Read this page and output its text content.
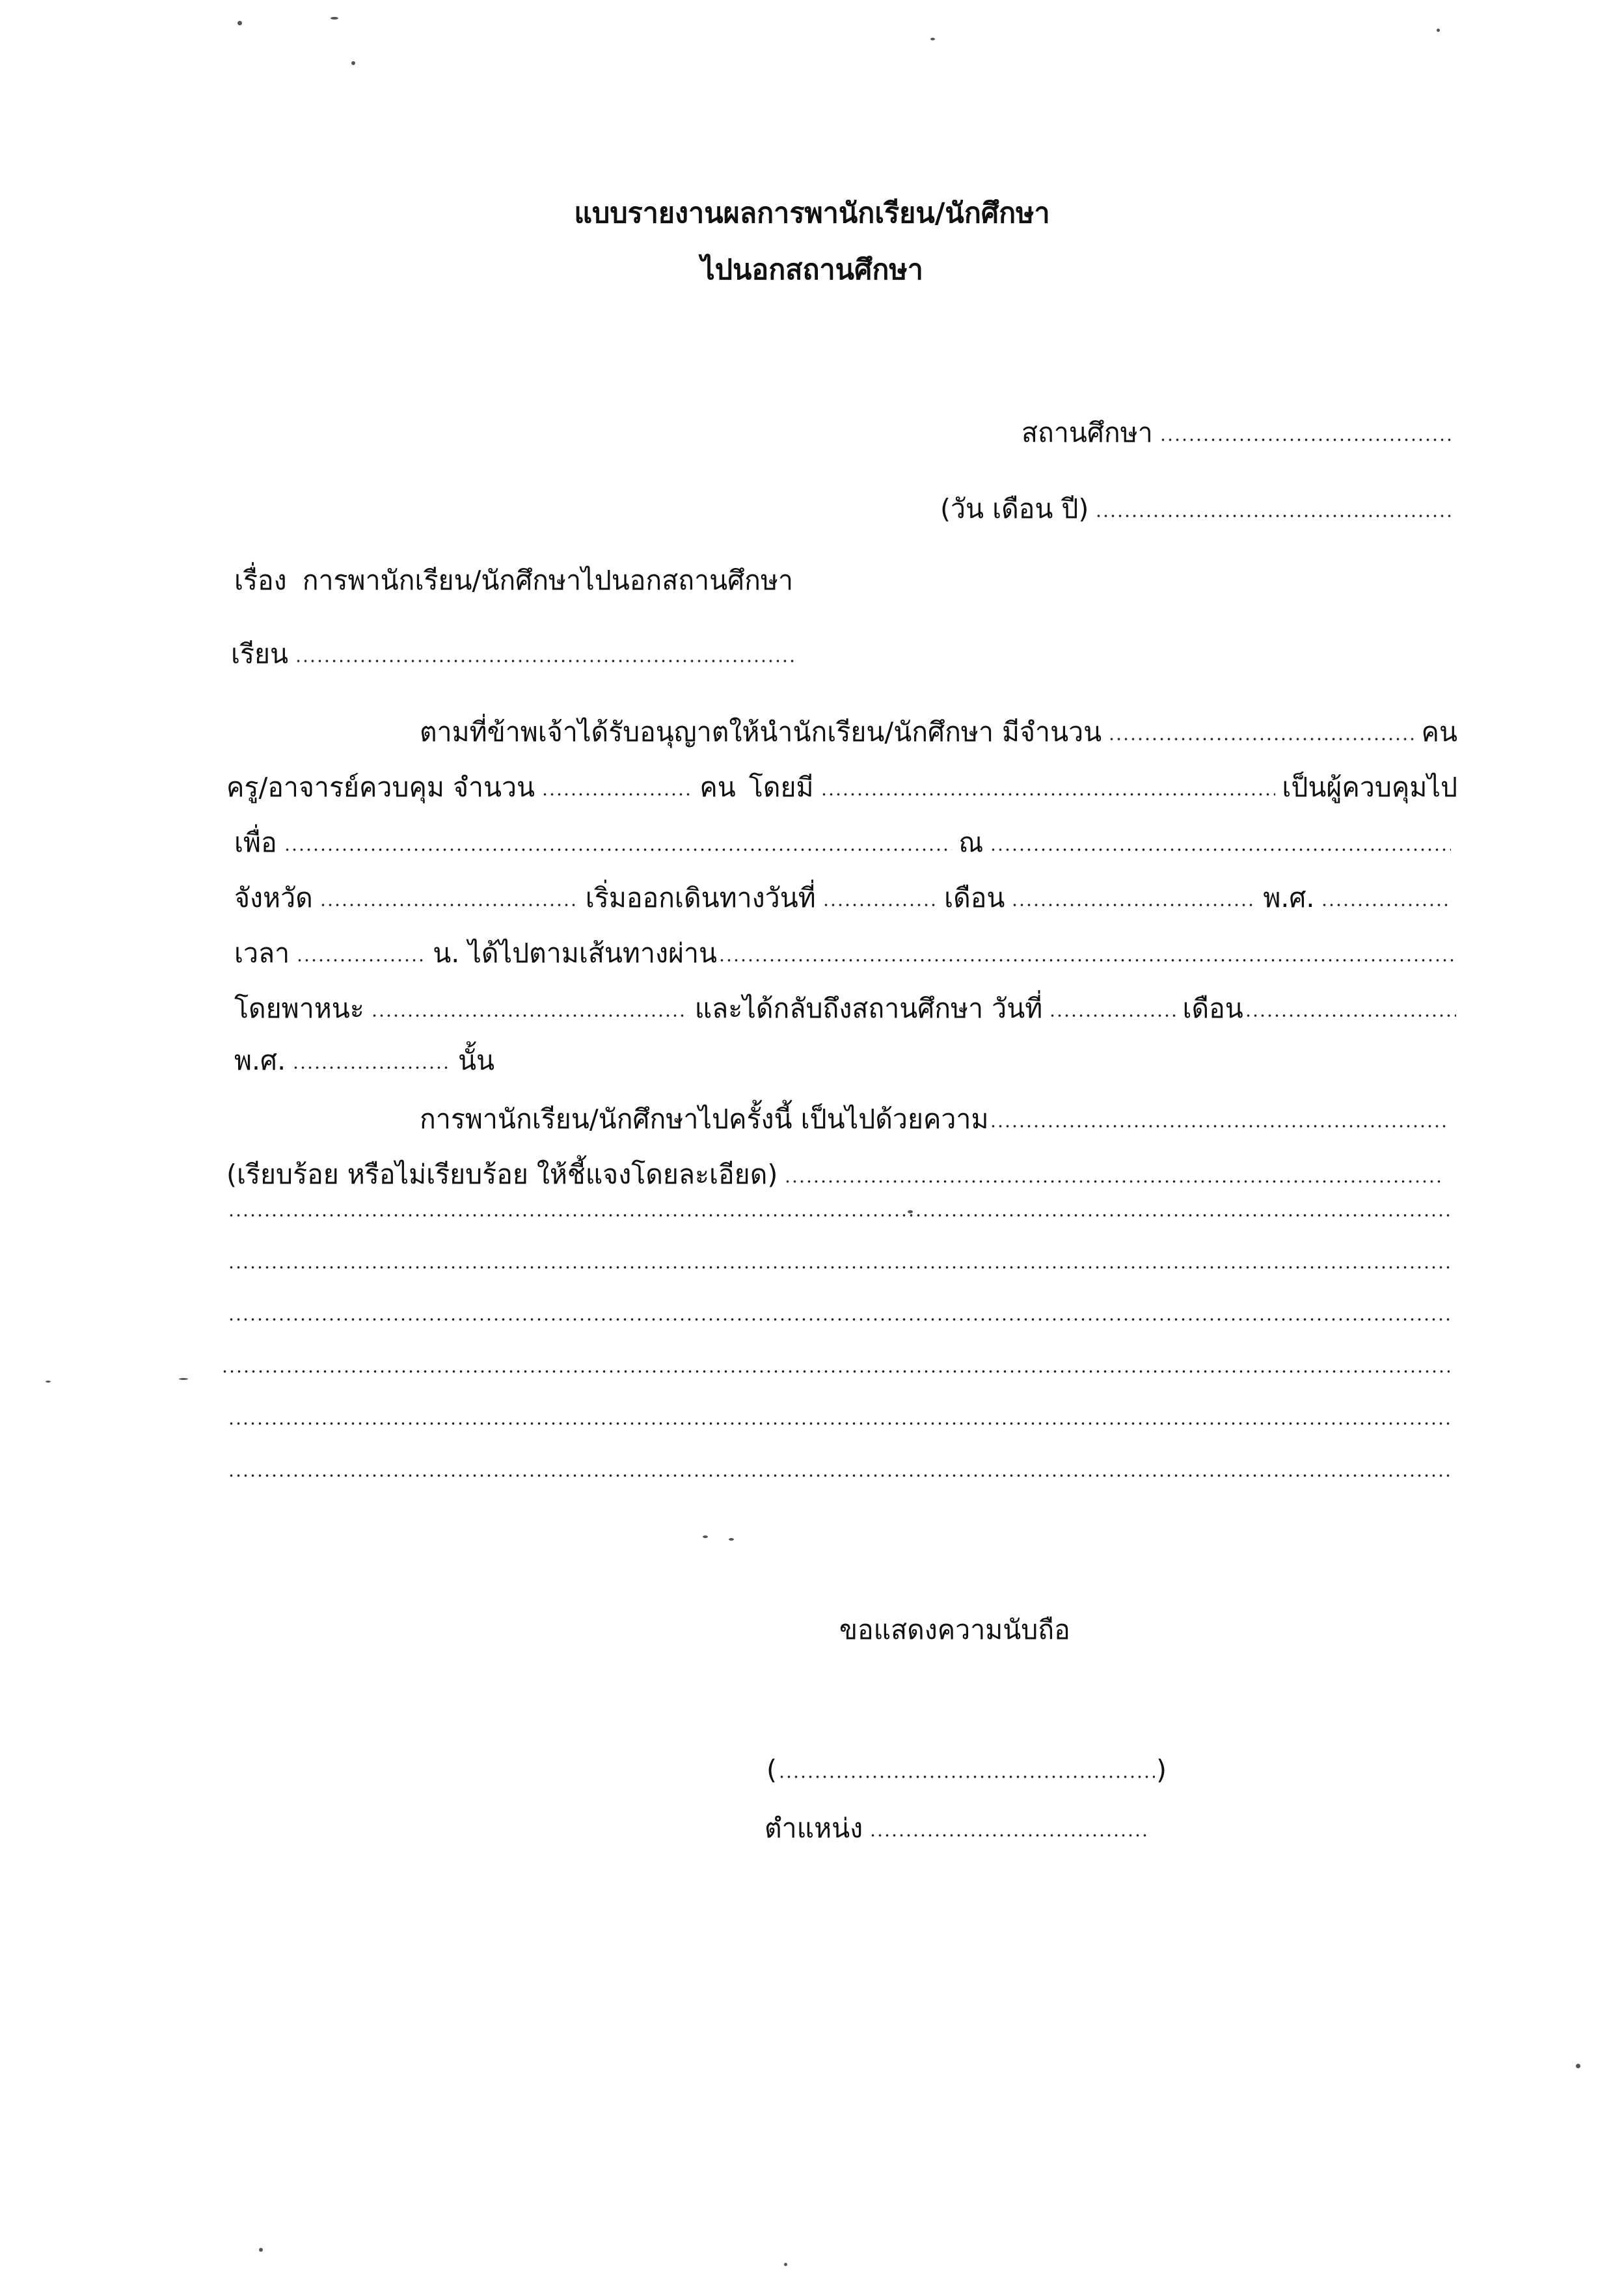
แบบรายงานผลการพานักเรียน/นักศึกษา
ไปนอกสถานศึกษา
สถานศึกษา
(วัน เดือน ปี)
เรื่อง การพานักเรียน/นักศึกษาไปนอกสถานศึกษา
เรียน
ตามที่ข้าพเจ้าได้รับอนุญาตให้นำนักเรียน/นักศึกษา มีจำนวน	คน
ครู/อาจารย์ควบคุม จำนวน	คน โดยมี	เป็นผู้ควบคุมไป
เพื่อ	ณ
จังหวัด	เริ่มออกเดินทางวันที่	เดือน	พ.ศ.
เวลา	น. ได้ไปตามเส้นทางผ่าน
โดยพาหนะ	และได้กลับถึงสถานศึกษา วันที่	เดือน
พ.ศ.	นั้น
การพานักเรียน/นักศึกษาไปครั้งนี้ เป็นไปด้วยความ
(เรียบร้อย หรือไม่เรียบร้อย ให้ชี้แจงโดยละเอียด)
ขอแสดงความนับถือ
(	)
ตำแหน่ง
